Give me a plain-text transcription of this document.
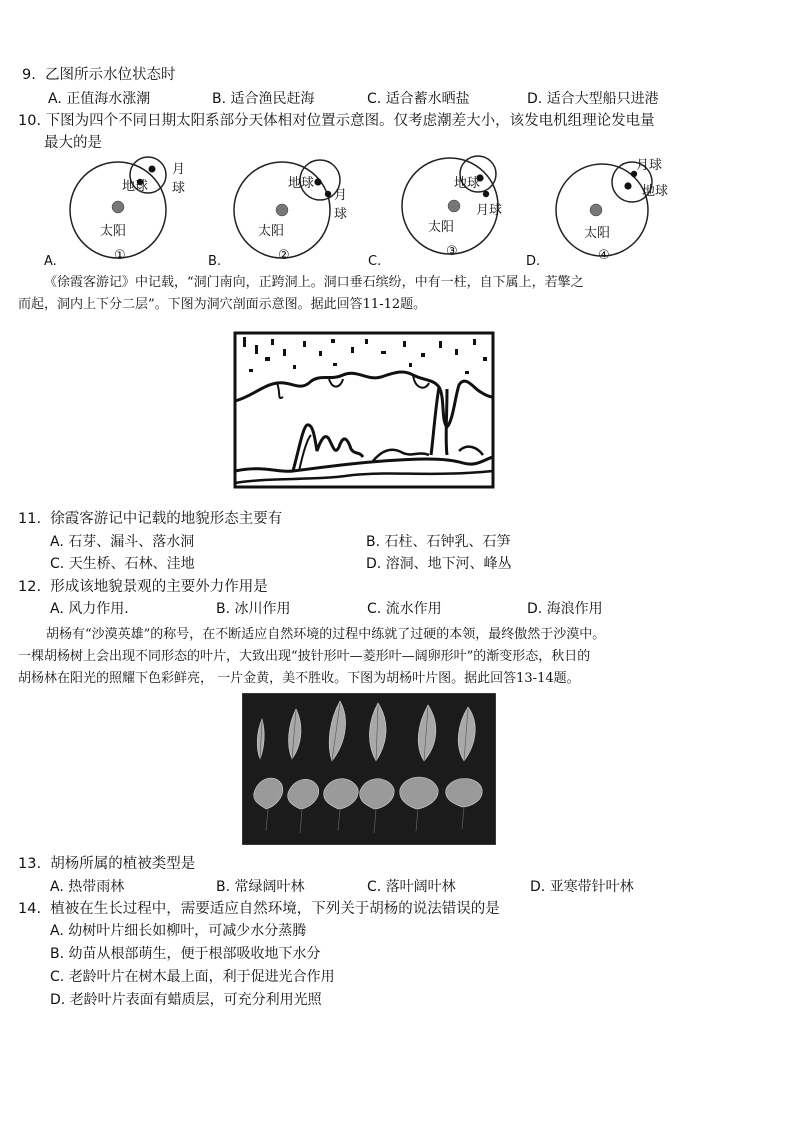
9. 乙图所示水位状态时
A. 正值海水涨潮	B. 适合渔民赶海	C. 适合蓄水晒盐	D. 适合大型船只进港
10. 下图为四个不同日期太阳系部分天体相对位置示意图。仅考虑潮差大小，该发电机组理论发电量
最大的是
月球
地球
太阳
①
A.
地球
月球
太阳
②
B.
地球
月球
太阳
③
C.
月球
地球
太阳
④
D.
《徐霞客游记》中记载，“洞门南向，正跨洞上。洞口垂石缤纷，中有一柱，自下属上，若擎之
而起，洞内上下分二层”。下图为洞穴剖面示意图。据此回答11-12题。
11. 徐霞客游记中记载的地貌形态主要有
A. 石芽、漏斗、落水洞	B. 石柱、石钟乳、石笋
C. 天生桥、石林、洼地	D. 溶洞、地下河、峰丛
12. 形成该地貌景观的主要外力作用是
A. 风力作用.	B. 冰川作用	C. 流水作用	D. 海浪作用
胡杨有“沙漠英雄”的称号，在不断适应自然环境的过程中练就了过硬的本领，最终傲然于沙漠中。
一棵胡杨树上会出现不同形态的叶片，大致出现“披针形叶—菱形叶—阔卵形叶”的渐变形态，秋日的
胡杨林在阳光的照耀下色彩鲜亮， 一片金黄，美不胜收。下图为胡杨叶片图。据此回答13-14题。
13. 胡杨所属的植被类型是
A. 热带雨林	B. 常绿阔叶林	C. 落叶阔叶林	D. 亚寒带针叶林
14. 植被在生长过程中，需要适应自然环境，下列关于胡杨的说法错误的是
A. 幼树叶片细长如柳叶，可减少水分蒸腾
B. 幼苗从根部萌生，便于根部吸收地下水分
C. 老龄叶片在树木最上面，利于促进光合作用
D. 老龄叶片表面有蜡质层，可充分利用光照
